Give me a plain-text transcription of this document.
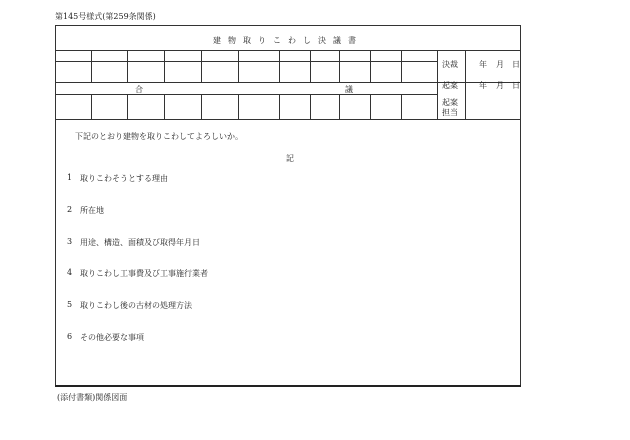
第145号様式(第259条関係)
建物取りこわし決議書
合	議
決裁
起案
起案
担当
年 月 日
年 月 日
下記のとおり建物を取りこわしてよろしいか。
記
1 取りこわそうとする理由
2 所在地
3 用途、構造、面積及び取得年月日
4 取りこわし工事費及び工事施行業者
5 取りこわし後の古材の処理方法
6 その他必要な事項
(添付書類)関係図面
